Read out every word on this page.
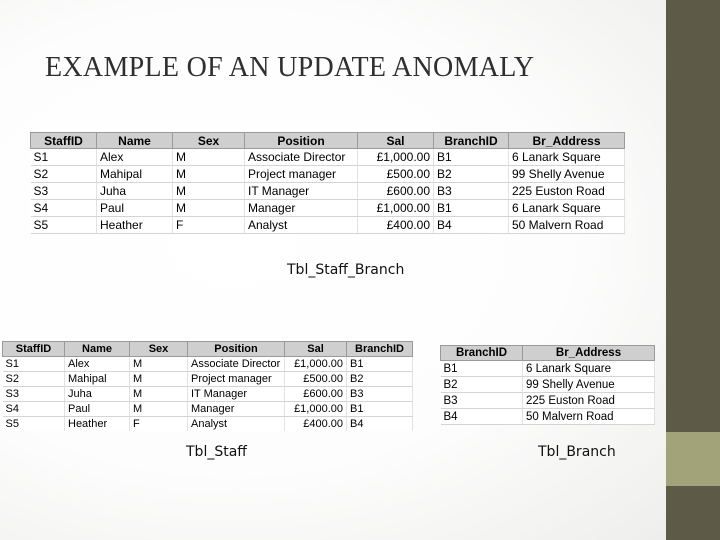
EXAMPLE OF AN UPDATE ANOMALY
StaffID	Name	Sex	Position	Sal	BranchID	Br_Address
S1	Alex	M	Associate Director	£1,000.00	B1	6 Lanark Square
S2	Mahipal	M	Project manager	£500.00	B2	99 Shelly Avenue
S3	Juha	M	IT Manager	£600.00	B3	225 Euston Road
S4	Paul	M	Manager	£1,000.00	B1	6 Lanark Square
S5	Heather	F	Analyst	£400.00	B4	50 Malvern Road
Tbl_Staff_Branch
StaffID	Name	Sex	Position	Sal	BranchID
S1	Alex	M	Associate Director	£1,000.00	B1
S2	Mahipal	M	Project manager	£500.00	B2
S3	Juha	M	IT Manager	£600.00	B3
S4	Paul	M	Manager	£1,000.00	B1
S5	Heather	F	Analyst	£400.00	B4
BranchID	Br_Address
B1	6 Lanark Square
B2	99 Shelly Avenue
B3	225 Euston Road
B4	50 Malvern Road
Tbl_Staff	Tbl_Branch
